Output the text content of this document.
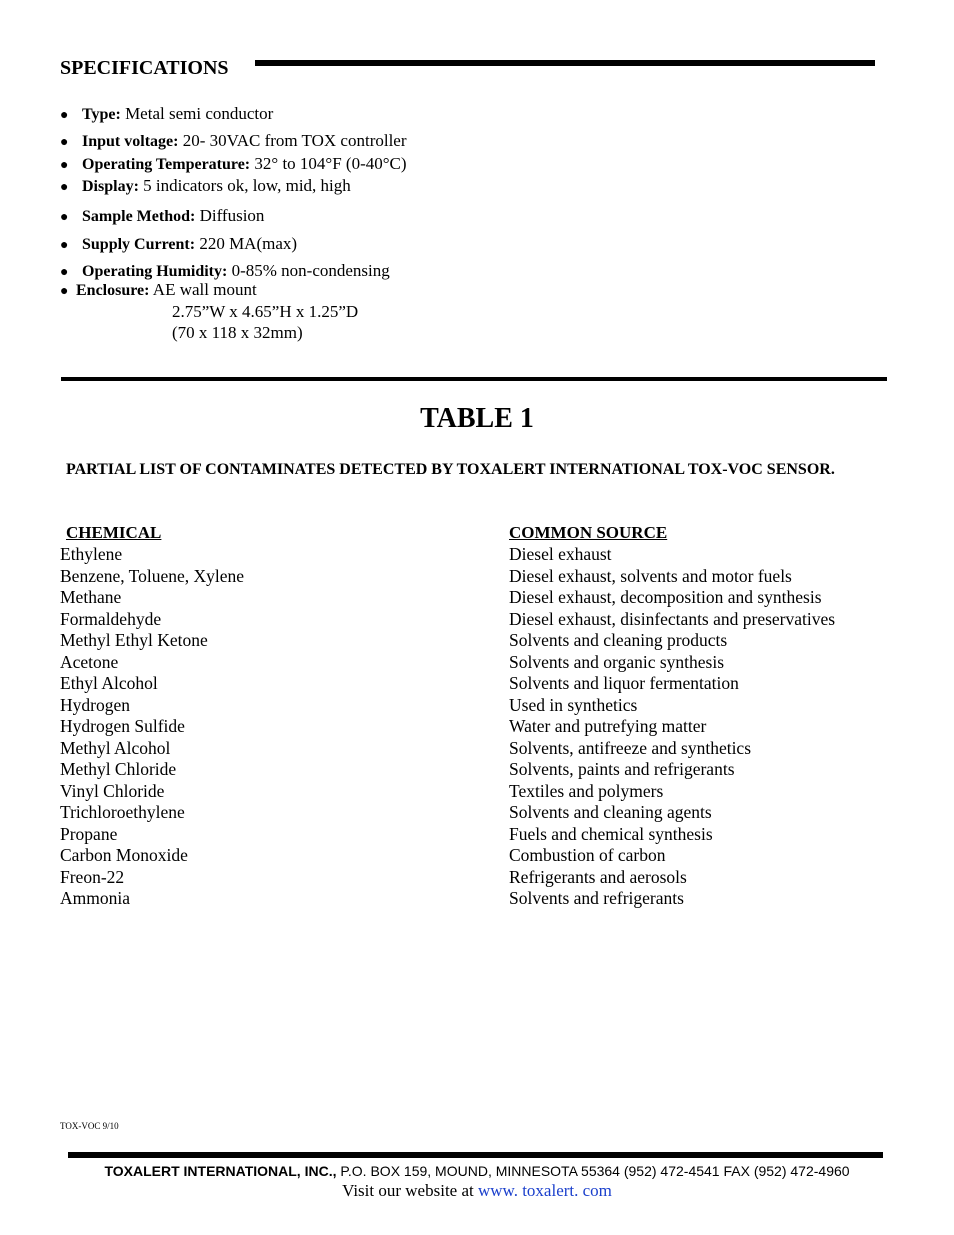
SPECIFICATIONS
● Type: Metal semi conductor
● Input voltage: 20- 30VAC from TOX controller
● Operating Temperature: 32° to 104°F (0-40°C)
● Display: 5 indicators ok, low, mid, high
● Sample Method: Diffusion
● Supply Current: 220 MA(max)
● Operating Humidity: 0-85% non-condensing
● Enclosure: AE wall mount
2.75”W x 4.65”H x 1.25”D
(70 x 118 x 32mm)
TABLE 1
PARTIAL LIST OF CONTAMINATES DETECTED BY TOXALERT INTERNATIONAL TOX-VOC SENSOR.
CHEMICAL	COMMON SOURCE
Ethylene	Diesel exhaust
Benzene, Toluene, Xylene	Diesel exhaust, solvents and motor fuels
Methane	Diesel exhaust, decomposition and synthesis
Formaldehyde	Diesel exhaust, disinfectants and preservatives
Methyl Ethyl Ketone	Solvents and cleaning products
Acetone	Solvents and organic synthesis
Ethyl Alcohol	Solvents and liquor fermentation
Hydrogen	Used in synthetics
Hydrogen Sulfide	Water and putrefying matter
Methyl Alcohol	Solvents, antifreeze and synthetics
Methyl Chloride	Solvents, paints and refrigerants
Vinyl Chloride	Textiles and polymers
Trichloroethylene	Solvents and cleaning agents
Propane	Fuels and chemical synthesis
Carbon Monoxide	Combustion of carbon
Freon-22	Refrigerants and aerosols
Ammonia	Solvents and refrigerants
TOX-VOC 9/10
TOXALERT INTERNATIONAL, INC., P.O. BOX 159, MOUND, MINNESOTA 55364 (952) 472-4541 FAX (952) 472-4960
Visit our website at www. toxalert. com
